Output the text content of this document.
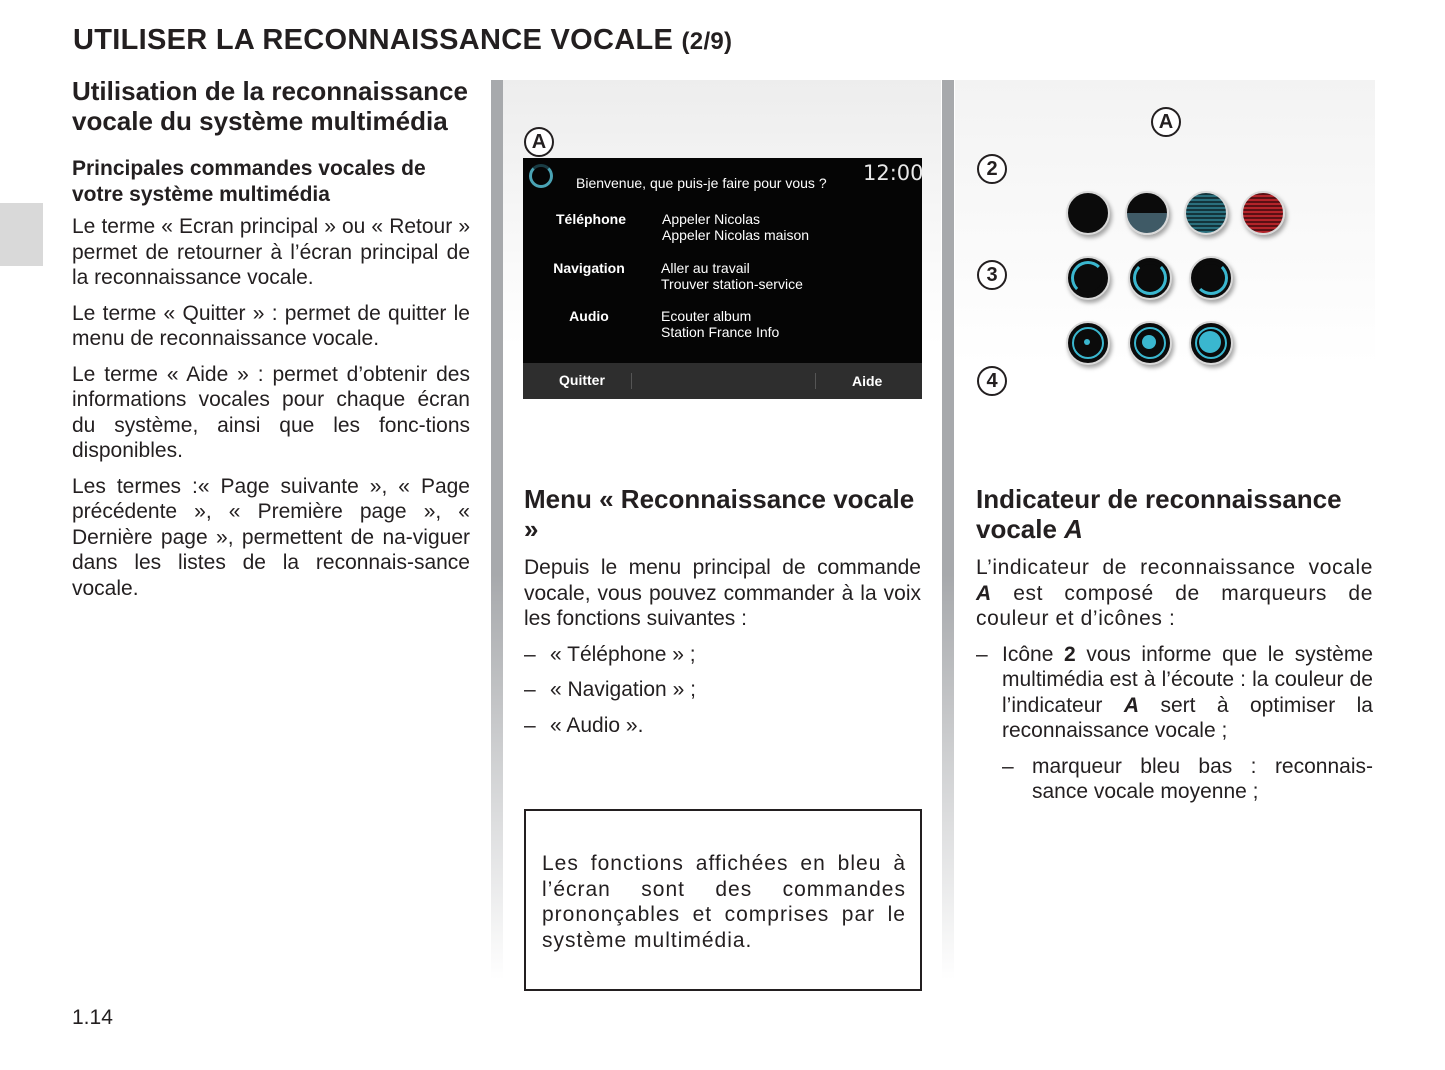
UTILISER LA RECONNAISSANCE VOCALE (2/9)
Utilisation de la reconnaissance vocale du système multimédia
Principales commandes vocales de votre système multimédia

Le terme « Ecran principal » ou « Retour » permet de retourner à l’écran principal de la reconnaissance vocale.

Le terme « Quitter » : permet de quitter le menu de reconnaissance vocale.

Le terme « Aide » : permet d’obtenir des informations vocales pour chaque écran du système, ainsi que les fonc-tions disponibles.

Les termes :« Page suivante », « Page précédente », « Première page », « Dernière page », permettent de na-viguer dans les listes de la reconnais-sance vocale.

A
Bienvenue, que puis-je faire pour vous ? 12:00
Téléphone	Appeler Nicolas
Appeler Nicolas maison
Navigation	Aller au travail
Trouver station-service
Audio	Ecouter album
Station France Info
Quitter	Aide
Menu « Reconnaissance vocale »

Depuis le menu principal de commande vocale, vous pouvez commander à la voix les fonctions suivantes :

– « Téléphone » ;
– « Navigation » ;
– « Audio ».
Les fonctions affichées en bleu à l’écran sont des commandes prononçables et comprises par le système multimédia.
A
2
3
4
Indicateur de reconnaissance vocale A

L’indicateur de reconnaissance vocale A est composé de marqueurs de couleur et d’icônes :

– Icône 2 vous informe que le système multimédia est à l’écoute : la couleur de l’indicateur A sert à optimiser la reconnaissance vocale ;
– marqueur bleu bas : reconnais-sance vocale moyenne ;
1.14
